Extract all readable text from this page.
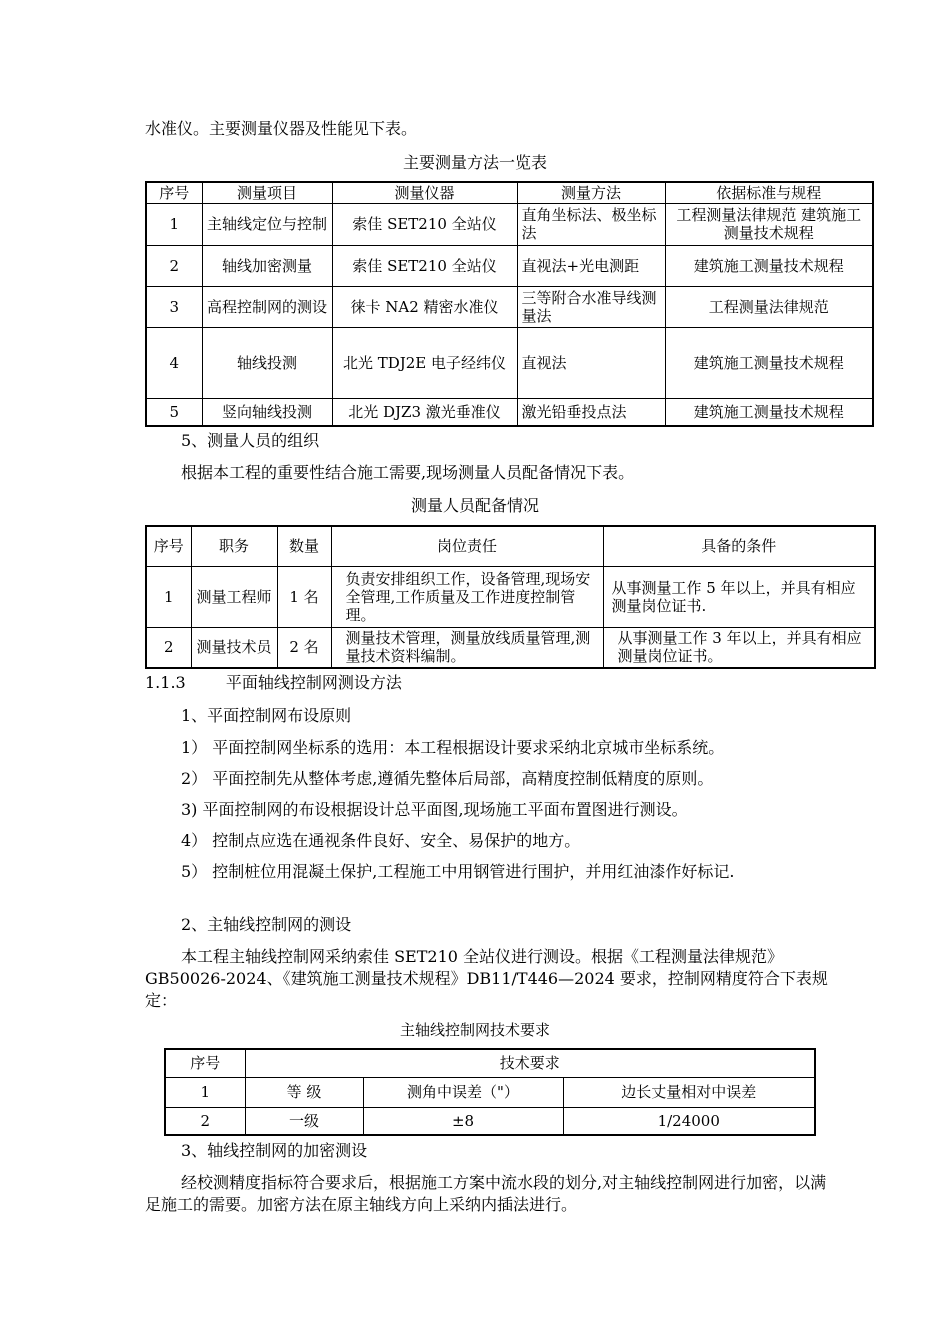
水准仪。主要测量仪器及性能见下表。
主要测量方法一览表
序号	测量项目	测量仪器	测量方法	依据标准与规程
1	主轴线定位与控制	索佳 SET210 全站仪	直角坐标法、极坐标法	工程测量法律规范 建筑施工测量技术规程
2	轴线加密测量	索佳 SET210 全站仪	直视法+光电测距	建筑施工测量技术规程
3	高程控制网的测设	徕卡 NA2 精密水准仪	三等附合水准导线测量法	工程测量法律规范
4	轴线投测	北光 TDJ2E 电子经纬仪	直视法	建筑施工测量技术规程
5	竖向轴线投测	北光 DJZ3 激光垂准仪	激光铅垂投点法	建筑施工测量技术规程
5、测量人员的组织
根据本工程的重要性结合施工需要,现场测量人员配备情况下表。
测量人员配备情况
序号	职务	数量	岗位责任	具备的条件
1	测量工程师	1 名	负责安排组织工作，设备管理,现场安全管理,工作质量及工作进度控制管理。	从事测量工作 5 年以上，并具有相应测量岗位证书.
2	测量技术员	2 名	测量技术管理，测量放线质量管理,测量技术资料编制。	从事测量工作 3 年以上，并具有相应测量岗位证书。
1.1.3	平面轴线控制网测设方法
1、平面控制网布设原则
1） 平面控制网坐标系的选用：本工程根据设计要求采纳北京城市坐标系统。
2） 平面控制先从整体考虑,遵循先整体后局部，高精度控制低精度的原则。
3) 平面控制网的布设根据设计总平面图,现场施工平面布置图进行测设。
4） 控制点应选在通视条件良好、安全、易保护的地方。
5） 控制桩位用混凝土保护,工程施工中用钢管进行围护，并用红油漆作好标记.
2、主轴线控制网的测设
本工程主轴线控制网采纳索佳 SET210 全站仪进行测设。根据《工程测量法律规范》GB50026-2024、《建筑施工测量技术规程》DB11/T446—2024 要求，控制网精度符合下表规定：
主轴线控制网技术要求
序号	技术要求		
1	等 级	测角中误差（"）	边长丈量相对中误差
2	一级	±8	1/24000
3、轴线控制网的加密测设
经校测精度指标符合要求后，根据施工方案中流水段的划分,对主轴线控制网进行加密，以满足施工的需要。加密方法在原主轴线方向上采纳内插法进行。
